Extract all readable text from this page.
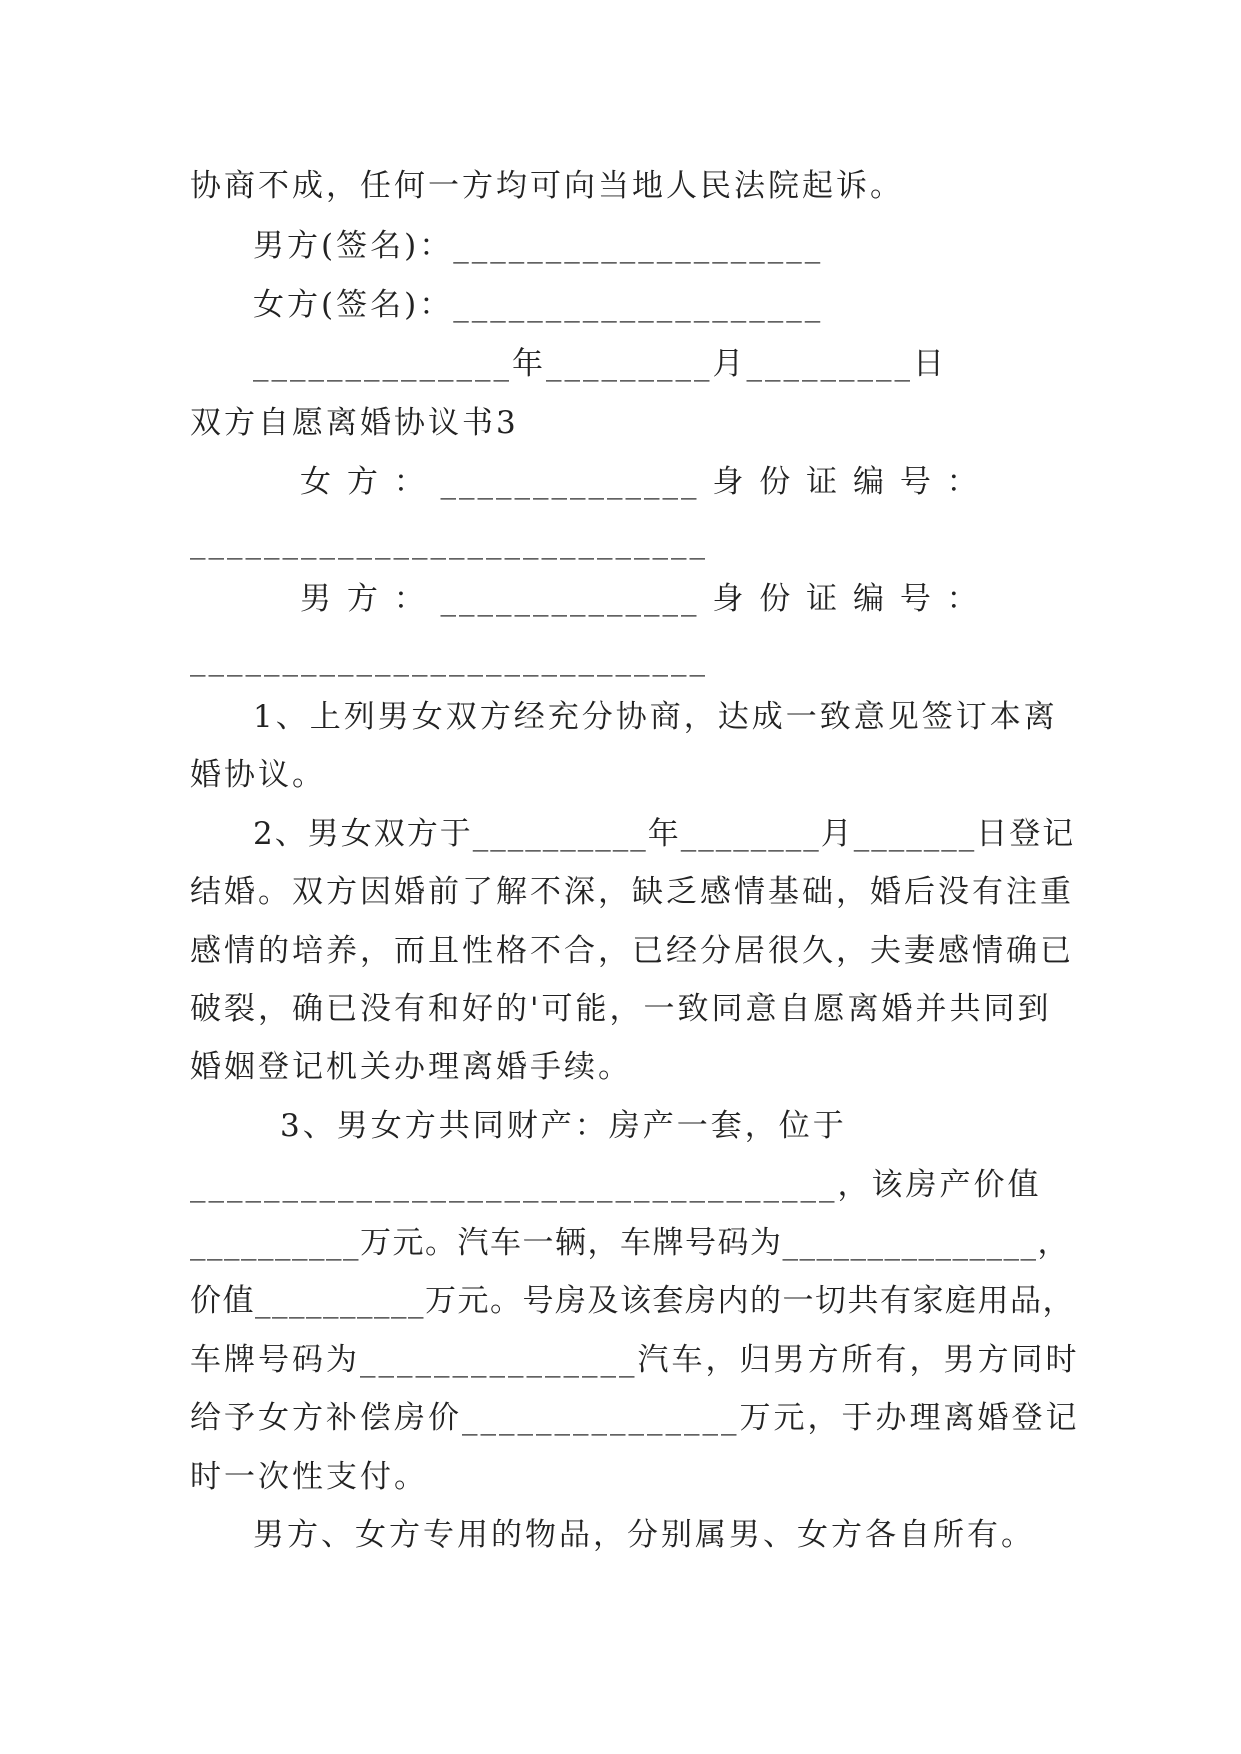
协商不成，任何一方均可向当地人民法院起诉。
男方(签名)：____________________
女方(签名)：____________________
______________年_________月_________日
双方自愿离婚协议书3
女 方 ： ______________ 身 份 证 编 号 ：
____________________________
男 方 ： ______________ 身 份 证 编 号 ：
____________________________
1、上列男女双方经充分协商，达成一致意见签订本离
婚协议。
2、男女双方于__________年________月_______日登记
结婚。双方因婚前了解不深，缺乏感情基础，婚后没有注重
感情的培养，而且性格不合，已经分居很久，夫妻感情确已
破裂，确已没有和好的'可能，一致同意自愿离婚并共同到
婚姻登记机关办理离婚手续。
3、男女方共同财产：房产一套，位于
___________________________________，该房产价值
__________万元。汽车一辆，车牌号码为_______________，
价值__________万元。号房及该套房内的一切共有家庭用品，
车牌号码为_______________汽车，归男方所有，男方同时
给予女方补偿房价_______________万元，于办理离婚登记
时一次性支付。
男方、女方专用的物品，分别属男、女方各自所有。
